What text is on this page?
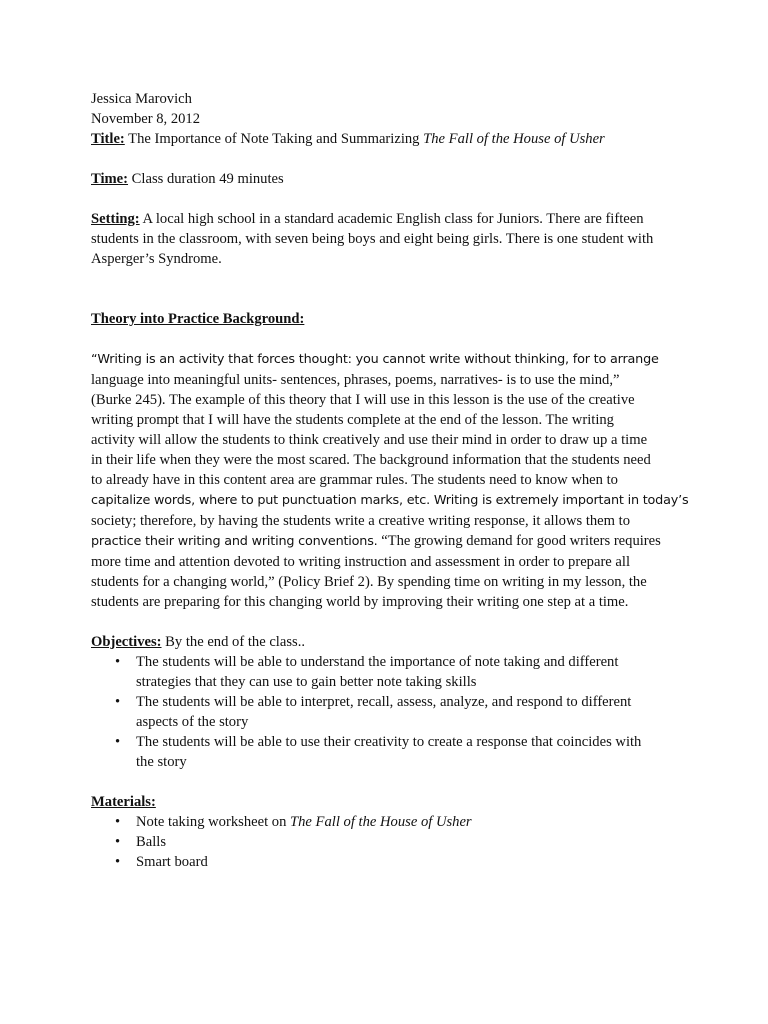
Jessica Marovich

November 8, 2012

Title: The Importance of Note Taking and Summarizing The Fall of the House of Usher

Time: Class duration 49 minutes

Setting: A local high school in a standard academic English class for Juniors. There are fifteen

students in the classroom, with seven being boys and eight being girls. There is one student with

Asperger’s Syndrome.

Theory into Practice Background:

“Writing is an activity that forces thought: you cannot write without thinking, for to arrange

language into meaningful units- sentences, phrases, poems, narratives- is to use the mind,”

(Burke 245). The example of this theory that I will use in this lesson is the use of the creative

writing prompt that I will have the students complete at the end of the lesson. The writing

activity will allow the students to think creatively and use their mind in order to draw up a time

in their life when they were the most scared. The background information that the students need

to already have in this content area are grammar rules. The students need to know when to

capitalize words, where to put punctuation marks, etc. Writing is extremely important in today’s

society; therefore, by having the students write a creative writing response, it allows them to

practice their writing and writing conventions. “The growing demand for good writers requires

more time and attention devoted to writing instruction and assessment in order to prepare all

students for a changing world,” (Policy Brief 2). By spending time on writing in my lesson, the

students are preparing for this changing world by improving their writing one step at a time.

Objectives: By the end of the class..

• The students will be able to understand the importance of note taking and different
strategies that they can use to gain better note taking skills
• The students will be able to interpret, recall, assess, analyze, and respond to different
aspects of the story
• The students will be able to use their creativity to create a response that coincides with
the story

Materials:

• Note taking worksheet on The Fall of the House of Usher
• Balls
• Smart board
